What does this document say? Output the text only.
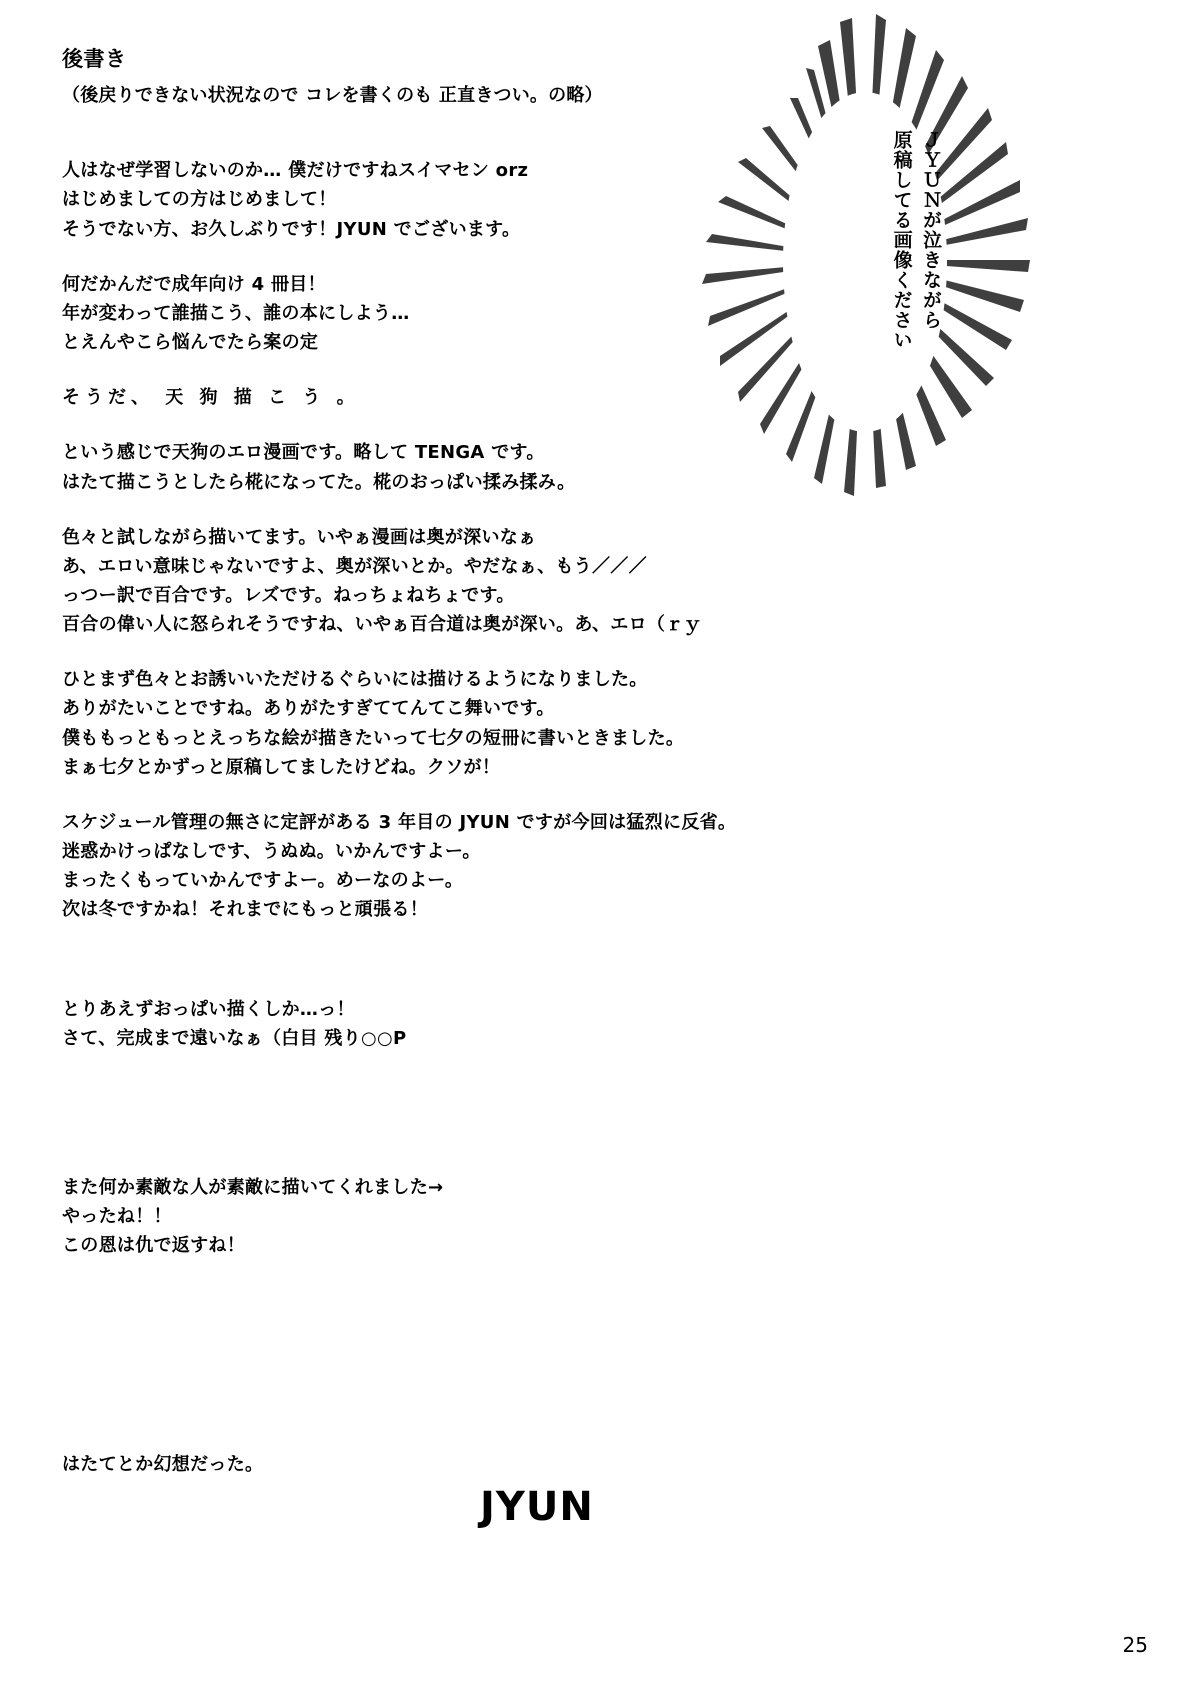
ＪＹＵＮが泣きながら
原稿してる画像ください
後書き
（後戻りできない状況なので コレを書くのも 正直きつい。の略）
人はなぜ学習しないのか… 僕だけですねスイマセン orz
はじめましての方はじめまして！
そうでない方、お久しぶりです！JYUN でございます。
何だかんだで成年向け 4 冊目！
年が変わって誰描こう、誰の本にしよう…
とえんやこら悩んでたら案の定
そうだ、 天 狗 描 こ う 。
という感じで天狗のエロ漫画です。略して TENGA です。
はたて描こうとしたら椛になってた。椛のおっぱい揉み揉み。
色々と試しながら描いてます。いやぁ漫画は奥が深いなぁ
あ、エロい意味じゃないですよ、奥が深いとか。やだなぁ、もう／／／
っつー訳で百合です。レズです。ねっちょねちょです。
百合の偉い人に怒られそうですね、いやぁ百合道は奥が深い。あ、エロ（ｒｙ
ひとまず色々とお誘いいただけるぐらいには描けるようになりました。
ありがたいことですね。ありがたすぎててんてこ舞いです。
僕ももっともっとえっちな絵が描きたいって七夕の短冊に書いときました。
まぁ七夕とかずっと原稿してましたけどね。クソが！
スケジュール管理の無さに定評がある 3 年目の JYUN ですが今回は猛烈に反省。
迷惑かけっぱなしです、うぬぬ。いかんですよー。
まったくもっていかんですよー。めーなのよー。
次は冬ですかね！それまでにもっと頑張る！
とりあえずおっぱい描くしか…っ！
さて、完成まで遠いなぁ（白目 残り○○P
また何か素敵な人が素敵に描いてくれました→
やったね！！
この恩は仇で返すね！
はたてとか幻想だった。
JYUN
25
